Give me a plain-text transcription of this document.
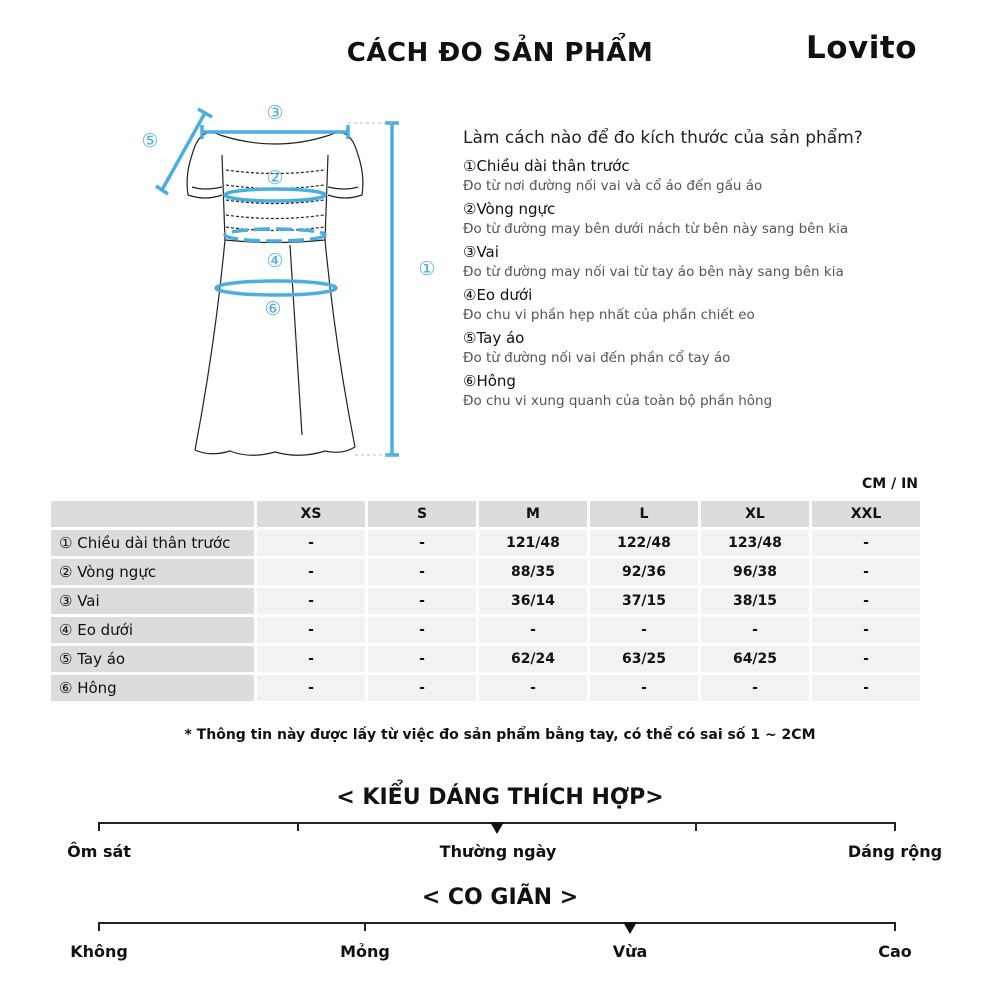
CÁCH ĐO SẢN PHẨM	Lovito
③
⑤
②
④
⑥
①
Làm cách nào để đo kích thước của sản phẩm?
①Chiều dài thân trước
Đo từ nơi đường nối vai và cổ áo đến gấu áo
②Vòng ngực
Đo từ đường may bên dưới nách từ bên này sang bên kia
③Vai
Đo từ đường may nối vai từ tay áo bên này sang bên kia
④Eo dưới
Đo chu vi phần hẹp nhất của phần chiết eo
⑤Tay áo
Đo từ đường nối vai đến phần cổ tay áo
⑥Hông
Đo chu vi xung quanh của toàn bộ phần hông
CM / IN
	XS	S	M	L	XL	XXL
① Chiều dài thân trước	-	-	121/48	122/48	123/48	-
② Vòng ngực	-	-	88/35	92/36	96/38	-
③ Vai	-	-	36/14	37/15	38/15	-
④ Eo dưới	-	-	-	-	-	-
⑤ Tay áo	-	-	62/24	63/25	64/25	-
⑥ Hông	-	-	-	-	-	-
* Thông tin này được lấy từ việc đo sản phẩm bằng tay, có thể có sai số 1 ~ 2CM
< KIỂU DÁNG THÍCH HỢP>
Ôm sát	Thường ngày	Dáng rộng
< CO GIÃN >
Không	Mỏng	Vừa	Cao
